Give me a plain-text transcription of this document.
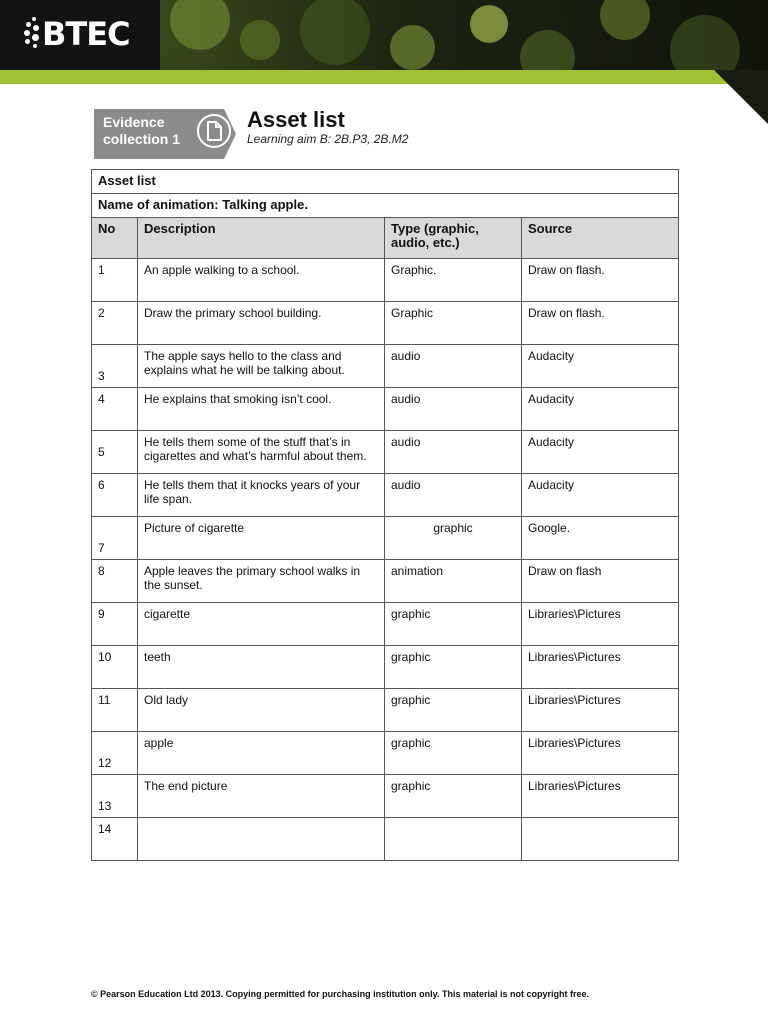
BTEC
Evidence
collection 1
Asset list
Learning aim B: 2B.P3, 2B.M2
Asset list			
Name of animation: Talking apple.			
No	Description	Type (graphic, audio, etc.)	Source
1	An apple walking to a school.	Graphic.	Draw on flash.
2	Draw the primary school building.	Graphic	Draw on flash.
3	The apple says hello to the class and explains what he will be talking about.	audio	Audacity
4	He explains that smoking isn’t cool.	audio	Audacity
5	He tells them some of the stuff that’s in cigarettes and what’s harmful about them.	audio	Audacity
6	He tells them that it knocks years of your life span.	audio	Audacity
7	Picture of cigarette	graphic	Google.
8	Apple leaves the primary school walks in the sunset.	animation	Draw on flash
9	cigarette	graphic	Libraries\Pictures
10	teeth	graphic	Libraries\Pictures
11	Old lady	graphic	Libraries\Pictures
12	apple	graphic	Libraries\Pictures
13	The end picture	graphic	Libraries\Pictures
14			
© Pearson Education Ltd 2013. Copying permitted for purchasing institution only. This material is not copyright free.
